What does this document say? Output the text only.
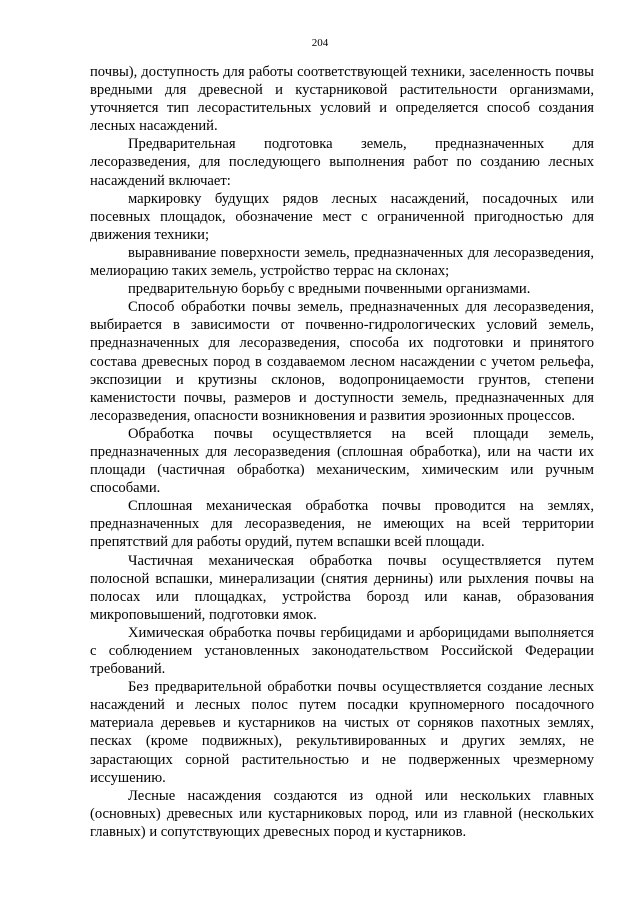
204

почвы), доступность для работы соответствующей техники, заселенность почвы вредными для древесной и кустарниковой растительности организмами, уточняется тип лесорастительных условий и определяется способ создания лесных насаждений.

Предварительная подготовка земель, предназначенных для лесоразведения, для последующего выполнения работ по созданию лесных насаждений включает:

маркировку будущих рядов лесных насаждений, посадочных или посевных площадок, обозначение мест с ограниченной пригодностью для движения техники;

выравнивание поверхности земель, предназначенных для лесоразведения, мелиорацию таких земель, устройство террас на склонах;

предварительную борьбу с вредными почвенными организмами.

Способ обработки почвы земель, предназначенных для лесоразведения, выбирается в зависимости от почвенно-гидрологических условий земель, предназначенных для лесоразведения, способа их подготовки и принятого состава древесных пород в создаваемом лесном насаждении с учетом рельефа, экспозиции и крутизны склонов, водопроницаемости грунтов, степени каменистости почвы, размеров и доступности земель, предназначенных для лесоразведения, опасности возникновения и развития эрозионных процессов.

Обработка почвы осуществляется на всей площади земель, предназначенных для лесоразведения (сплошная обработка), или на части их площади (частичная обработка) механическим, химическим или ручным способами.

Сплошная механическая обработка почвы проводится на землях, предназначенных для лесоразведения, не имеющих на всей территории препятствий для работы орудий, путем вспашки всей площади.

Частичная механическая обработка почвы осуществляется путем полосной вспашки, минерализации (снятия дернины) или рыхления почвы на полосах или площадках, устройства борозд или канав, образования микроповышений, подготовки ямок.

Химическая обработка почвы гербицидами и арборицидами выполняется с соблюдением установленных законодательством Российской Федерации требований.

Без предварительной обработки почвы осуществляется создание лесных насаждений и лесных полос путем посадки крупномерного посадочного материала деревьев и кустарников на чистых от сорняков пахотных землях, песках (кроме подвижных), рекультивированных и других землях, не зарастающих сорной растительностью и не подверженных чрезмерному иссушению.

Лесные насаждения создаются из одной или нескольких главных (основных) древесных или кустарниковых пород, или из главной (нескольких главных) и сопутствующих древесных пород и кустарников.
